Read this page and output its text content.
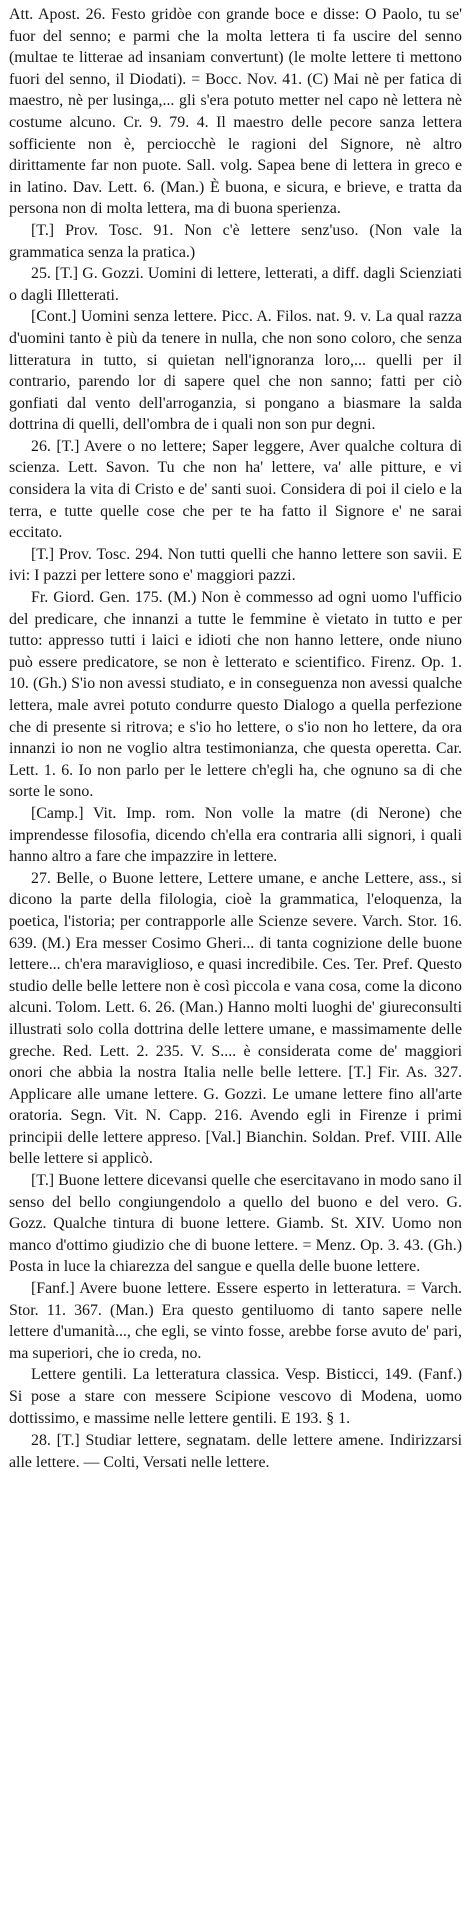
Att. Apost. 26. Festo gridòe con grande boce e disse: O Paolo, tu se' fuor del senno; e parmi che la molta lettera ti fa uscire del senno (multae te litterae ad insaniam convertunt) (le molte lettere ti mettono fuori del senno, il Diodati). = Bocc. Nov. 41. (C) Mai nè per fatica di maestro, nè per lusinga,... gli s'era potuto metter nel capo nè lettera nè costume alcuno. Cr. 9. 79. 4. Il maestro delle pecore sanza lettera sofficiente non è, perciocchè le ragioni del Signore, nè altro dirittamente far non puote. Sall. volg. Sapea bene di lettera in greco e in latino. Dav. Lett. 6. (Man.) È buona, e sicura, e brieve, e tratta da persona non di molta lettera, ma di buona sperienza.

[T.] Prov. Tosc. 91. Non c'è lettere senz'uso. (Non vale la grammatica senza la pratica.)

25. [T.] G. Gozzi. Uomini di lettere, letterati, a diff. dagli Scienziati o dagli Illetterati.

[Cont.] Uomini senza lettere. Picc. A. Filos. nat. 9. v. La qual razza d'uomini tanto è più da tenere in nulla, che non sono coloro, che senza litteratura in tutto, si quietan nell'ignoranza loro,... quelli per il contrario, parendo lor di sapere quel che non sanno; fatti per ciò gonfiati dal vento dell'arroganzia, si pongano a biasmare la salda dottrina di quelli, dell'ombra de i quali non son pur degni.

26. [T.] Avere o no lettere; Saper leggere, Aver qualche coltura di scienza. Lett. Savon. Tu che non ha' lettere, va' alle pitture, e vi considera la vita di Cristo e de' santi suoi. Considera di poi il cielo e la terra, e tutte quelle cose che per te ha fatto il Signore e' ne sarai eccitato.

[T.] Prov. Tosc. 294. Non tutti quelli che hanno lettere son savii. E ivi: I pazzi per lettere sono e' maggiori pazzi.

Fr. Giord. Gen. 175. (M.) Non è commesso ad ogni uomo l'ufficio del predicare, che innanzi a tutte le femmine è vietato in tutto e per tutto: appresso tutti i laici e idioti che non hanno lettere, onde niuno può essere predicatore, se non è letterato e scientifico. Firenz. Op. 1. 10. (Gh.) S'io non avessi studiato, e in conseguenza non avessi qualche lettera, male avrei potuto condurre questo Dialogo a quella perfezione che di presente si ritrova; e s'io ho lettere, o s'io non ho lettere, da ora innanzi io non ne voglio altra testimonianza, che questa operetta. Car. Lett. 1. 6. Io non parlo per le lettere ch'egli ha, che ognuno sa di che sorte le sono.

[Camp.] Vit. Imp. rom. Non volle la matre (di Nerone) che imprendesse filosofia, dicendo ch'ella era contraria alli signori, i quali hanno altro a fare che impazzire in lettere.

27. Belle, o Buone lettere, Lettere umane, e anche Lettere, ass., si dicono la parte della filologia, cioè la grammatica, l'eloquenza, la poetica, l'istoria; per contrapporle alle Scienze severe. Varch. Stor. 16. 639. (M.) Era messer Cosimo Gheri... di tanta cognizione delle buone lettere... ch'era maraviglioso, e quasi incredibile. Ces. Ter. Pref. Questo studio delle belle lettere non è così piccola e vana cosa, come la dicono alcuni. Tolom. Lett. 6. 26. (Man.) Hanno molti luoghi de' giureconsulti illustrati solo colla dottrina delle lettere umane, e massimamente delle greche. Red. Lett. 2. 235. V. S.... è considerata come de' maggiori onori che abbia la nostra Italia nelle belle lettere. [T.] Fir. As. 327. Applicare alle umane lettere. G. Gozzi. Le umane lettere fino all'arte oratoria. Segn. Vit. N. Capp. 216. Avendo egli in Firenze i primi principii delle lettere appreso. [Val.] Bianchin. Soldan. Pref. VIII. Alle belle lettere si applicò.

[T.] Buone lettere dicevansi quelle che esercitavano in modo sano il senso del bello congiungendolo a quello del buono e del vero. G. Gozz. Qualche tintura di buone lettere. Giamb. St. XIV. Uomo non manco d'ottimo giudizio che di buone lettere. = Menz. Op. 3. 43. (Gh.) Posta in luce la chiarezza del sangue e quella delle buone lettere.

[Fanf.] Avere buone lettere. Essere esperto in letteratura. = Varch. Stor. 11. 367. (Man.) Era questo gentiluomo di tanto sapere nelle lettere d'umanità..., che egli, se vinto fosse, arebbe forse avuto de' pari, ma superiori, che io creda, no.

Lettere gentili. La letteratura classica. Vesp. Bisticci, 149. (Fanf.) Si pose a stare con messere Scipione vescovo di Modena, uomo dottissimo, e massime nelle lettere gentili. E 193. § 1.

28. [T.] Studiar lettere, segnatam. delle lettere amene. Indirizzarsi alle lettere. — Colti, Versati nelle lettere.
